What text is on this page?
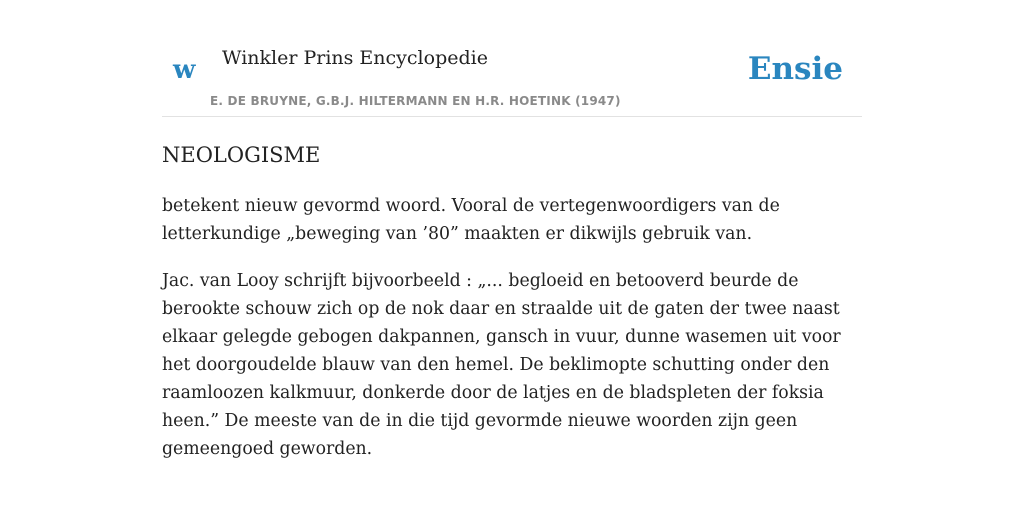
w Winkler Prins Encyclopedie
E. DE BRUYNE, G.B.J. HILTERMANN EN H.R. HOETINK (1947)
Ensie
NEOLOGISME

betekent nieuw gevormd woord. Vooral de vertegenwoordigers van de letterkundige „beweging van ’80” maakten er dikwijls gebruik van.

Jac. van Looy schrijft bijvoorbeeld : „... begloeid en betooverd beurde de berookte schouw zich op de nok daar en straalde uit de gaten der twee naast elkaar gelegde gebogen dakpannen, gansch in vuur, dunne wasemen uit voor het doorgoudelde blauw van den hemel. De beklimopte schutting onder den raamloozen kalkmuur, donkerde door de latjes en de bladspleten der foksia heen.” De meeste van de in die tijd gevormde nieuwe woorden zijn geen gemeengoed geworden.
